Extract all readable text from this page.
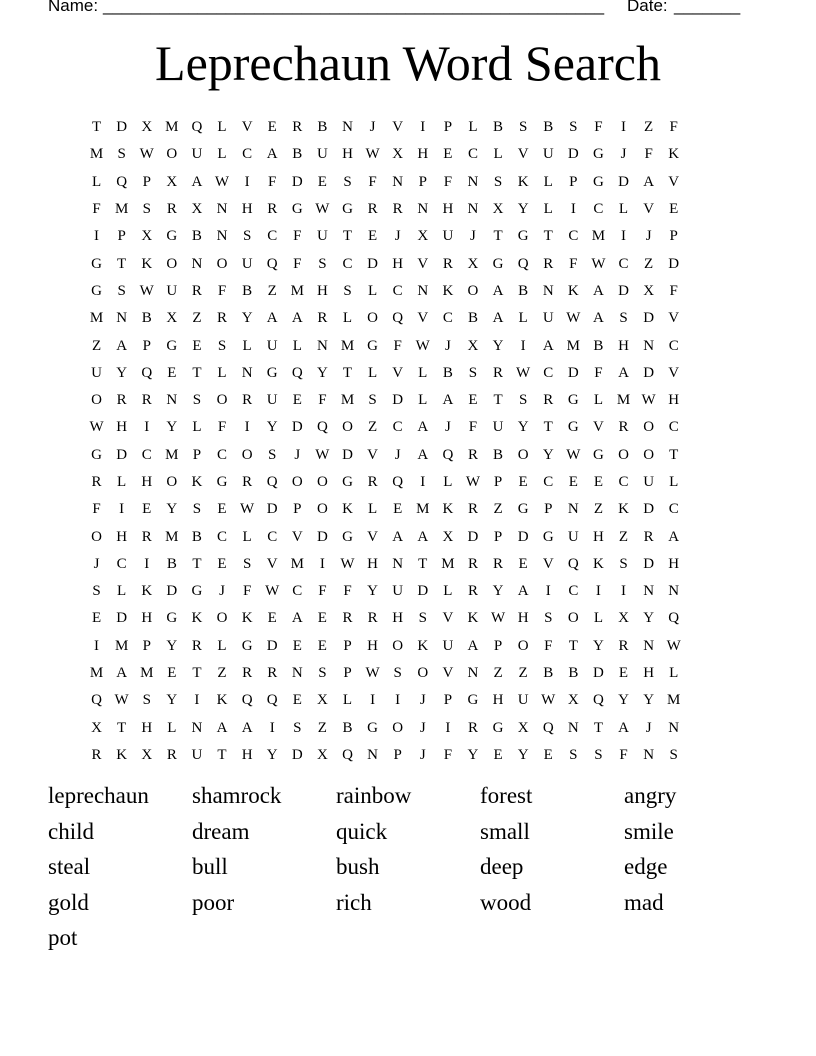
Name: _____________________________________________________ Date: _______
Leprechaun Word Search
T	D X M Q	L	V	E	R	B N	J	V	I	P	L	B	S	B	S	F	I	Z	F
M S W O U	L	C A B U H W X H	E	C	L	V U D G	J	F	K
L	Q	P	X A W	I	F	D	E	S	F	N	P	F	N	S	K	L	P	G D A V
F M S	R X N H R G W G R	R N H N X Y	L	I	C	L	V	E
I	P	X G B N	S	C	F	U	T	E	J	X U	J	T	G	T	C M	I	J	P
G	T	K O N O U Q	F	S	C D H V R X G Q R	F W C	Z	D
G	S W U R	F	B	Z M H	S	L	C N K O A B N K A D X	F
M N B X	Z	R Y A A R	L	O Q V C	B A	L	U W A	S	D V
Z	A	P	G	E	S	L	U	L	N M G	F W	J	X Y	I	A M B H N C
U Y Q	E	T	L	N G Q Y	T	L	V	L	B	S	R W C D	F	A D V
O R	R N	S	O R U	E	F M S	D	L	A	E	T	S	R G	L M W H
W H	I	Y	L	F	I	Y D Q O	Z	C A	J	F	U Y	T	G V R O C
G D C M P	C O	S	J	W D V	J	A Q R	B O Y W G O O	T
R	L	H O K G R Q O O G R Q	I	L W P	E	C	E	E	C U	L
F	I	E	Y	S	E W D	P	O K	L	E M K R	Z	G	P	N	Z	K D C
O H R M B	C	L	C V D G V A A X D	P	D G U H	Z	R A
J	C	I	B	T	E	S	V M	I	W H N	T M R	R	E	V Q K	S	D H
S	L	K D G	J	F W C	F	F	Y U D	L	R Y A	I	C	I	I	N N
E	D H G K O K	E	A	E	R	R H	S	V K W H	S	O	L	X Y Q
I	M P	Y R	L	G D	E	E	P	H O K U A	P	O	F	T	Y R N W
M A M E	T	Z	R	R N	S	P W S	O V N	Z	Z	B	B D	E	H	L
Q W S	Y	I	K Q Q	E	X	L	I	I	J	P	G H U W X Q Y Y M
X	T	H	L	N A A	I	S	Z	B G O	J	I	R G X Q N	T	A	J	N
R K X R U	T	H Y D X Q N	P	J	F	Y	E	Y	E	S	S	F	N	S
leprechaun	shamrock	rainbow	forest	angry
child	dream	quick	small	smile
steal	bull	bush	deep	edge
gold	poor	rich	wood	mad
pot
